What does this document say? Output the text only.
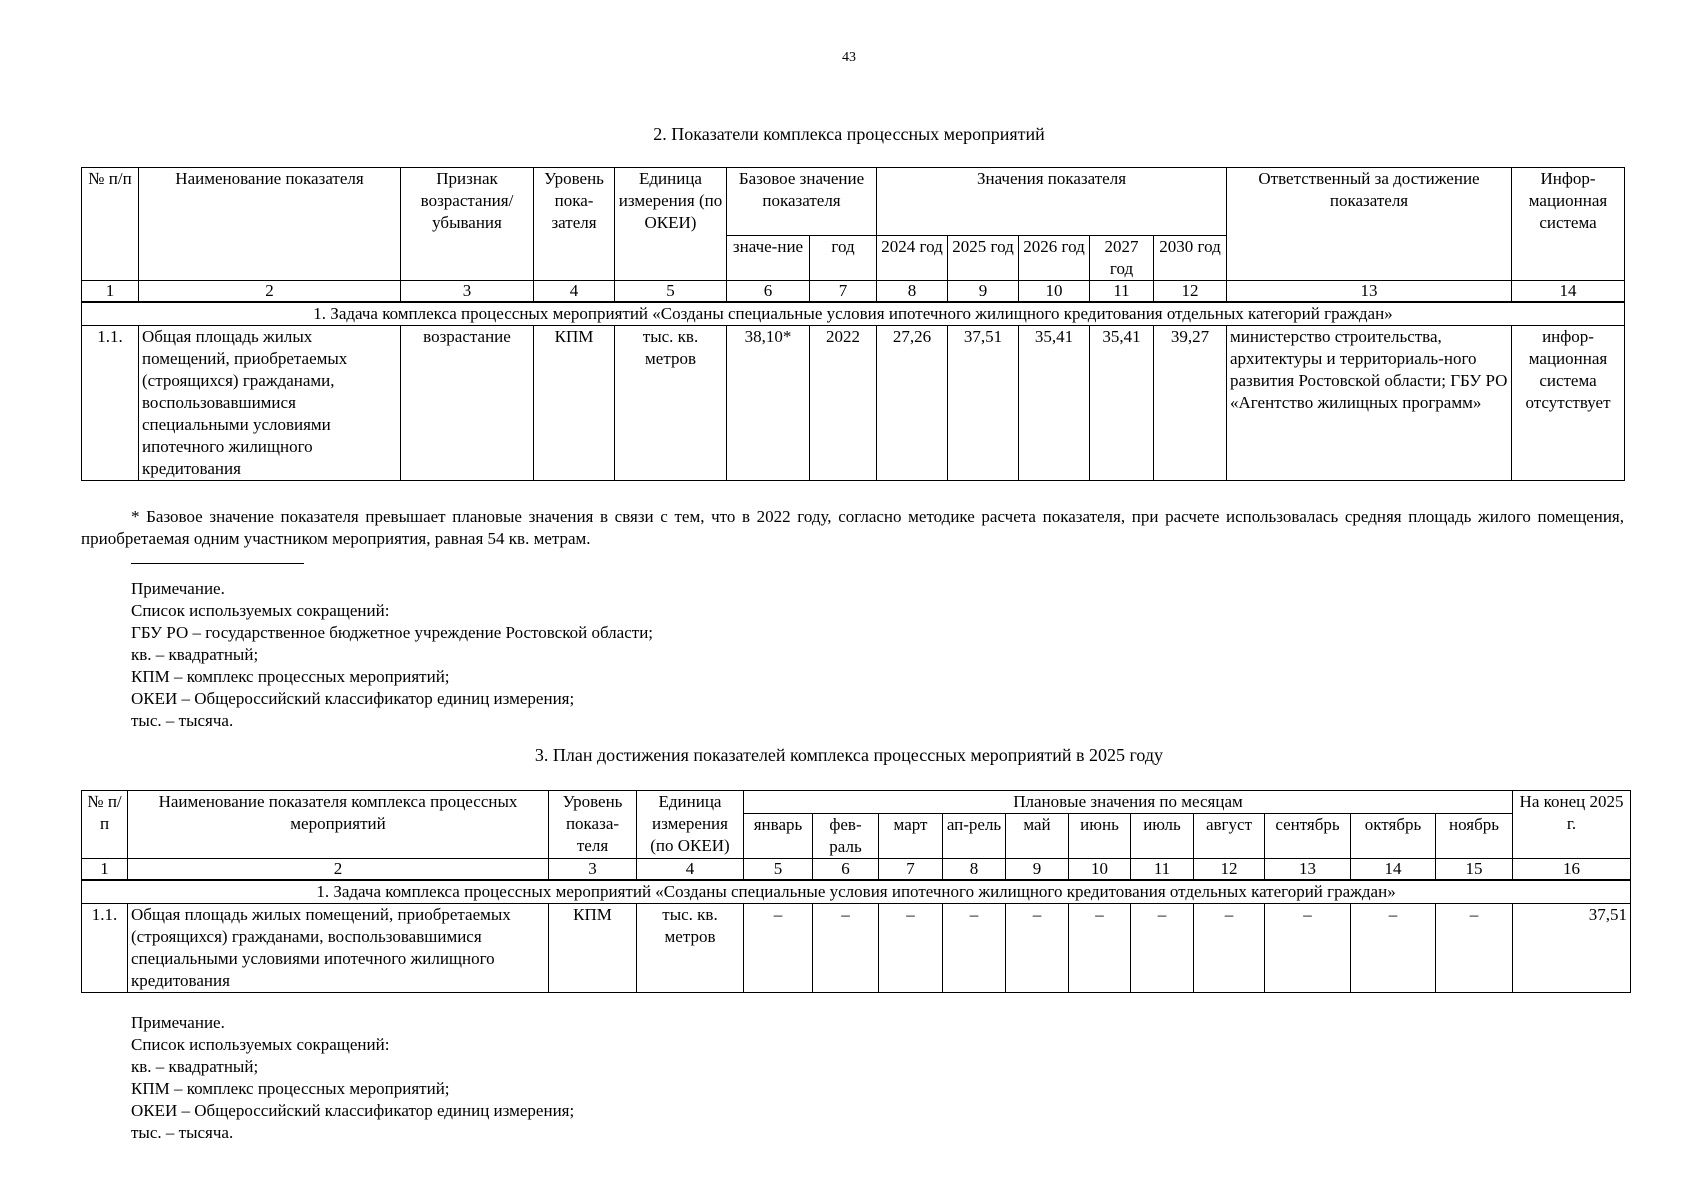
43
2. Показатели комплекса процессных мероприятий
№ п/п	Наименование показателя	Признак возрастания/ убывания	Уровень пока-зателя	Единица измерения (по ОКЕИ)	Базовое значение показателя		Значения показателя					Ответственный за достижение показателя	Инфор-мационная система
					значе-ние	год	2024 год	2025 год	2026 год	2027 год	2030 год		
1	2	3	4	5	6	7	8	9	10	11	12	13	14
1. Задача комплекса процессных мероприятий «Созданы специальные условия ипотечного жилищного кредитования отдельных категорий граждан»													
1.1.	Общая площадь жилых помещений, приобретаемых (строящихся) гражданами, воспользовавшимися специальными условиями ипотечного жилищного кредитования	возрастание	КПМ	тыс. кв. метров	38,10*	2022	27,26	37,51	35,41	35,41	39,27	министерство строительства, архитектуры и территориаль-ного развития Ростовской области; ГБУ РО «Агентство жилищных программ»	инфор-мационная система отсутствует
* Базовое значение показателя превышает плановые значения в связи с тем, что в 2022 году, согласно методике расчета показателя, при расчете использовалась средняя площадь жилого помещения, приобретаемая одним участником мероприятия, равная 54 кв. метрам.
Примечание.
Список используемых сокращений:
ГБУ РО – государственное бюджетное учреждение Ростовской области;
кв. – квадратный;
КПМ – комплекс процессных мероприятий;
ОКЕИ – Общероссийский классификатор единиц измерения;
тыс. – тысяча.
3. План достижения показателей комплекса процессных мероприятий в 2025 году
№ п/п	Наименование показателя комплекса процессных мероприятий	Уровень показа-теля	Единица измерения (по ОКЕИ)	Плановые значения по месяцам											На конец 2025 г.
				январь	фев-раль	март	ап-рель	май	июнь	июль	август	сентябрь	октябрь	ноябрь	
1	2	3	4	5	6	7	8	9	10	11	12	13	14	15	16
1. Задача комплекса процессных мероприятий «Созданы специальные условия ипотечного жилищного кредитования отдельных категорий граждан»															
1.1.	Общая площадь жилых помещений, приобретаемых (строящихся) гражданами, воспользовавшимися специальными условиями ипотечного жилищного кредитования	КПМ	тыс. кв. метров	–	–	–	–	–	–	–	–	–	–	–	37,51
Примечание.
Список используемых сокращений:
кв. – квадратный;
КПМ – комплекс процессных мероприятий;
ОКЕИ – Общероссийский классификатор единиц измерения;
тыс. – тысяча.
